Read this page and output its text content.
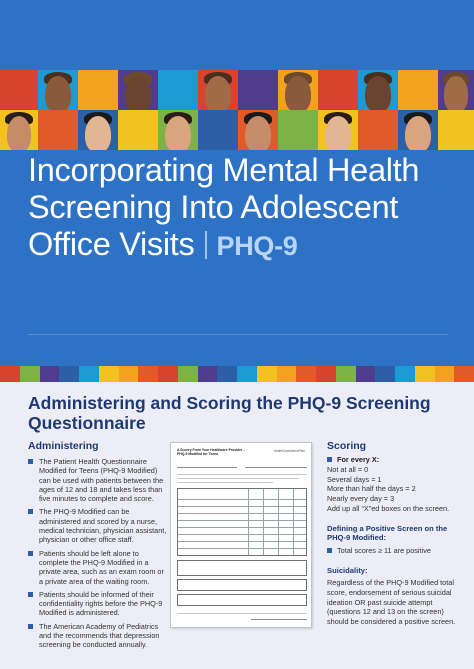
Incorporating Mental Health
Screening Into Adolescent
Office Visits PHQ-9
Administering and Scoring the PHQ-9 Screening Questionnaire
Administering
The Patient Health Questionnaire Modified for Teens (PHQ-9 Modified) can be used with patients between the ages of 12 and 18 and takes less than five minutes to complete and score.
The PHQ-9 Modified can be administered and scored by a nurse, medical technician, physician assistant, physician or other office staff.
Patients should be left alone to complete the PHQ-9 Modified in a private area, such as an exam room or a private area of the waiting room.
Patients should be informed of their confidentiality rights before the PHQ-9 Modified is administered.
The American Academy of Pediatrics and the recommends that depression screening be conducted annually.
A Survey From Your Healthcare Provider – PHQ-9 Modified for Teens
HealthCareActionPlan Scoring
For every X:
Not at all = 0
Several days = 1
More than half the days = 2
Nearly every day = 3
Add up all “X”ed boxes on the screen.
Defining a Positive Screen on the PHQ-9 Modified:
Total scores ≥ 11 are positive
Suicidality:
Regardless of the PHQ-9 Modified total score, endorsement of serious suicidal ideation OR past suicide attempt (questions 12 and 13 on the screen) should be considered a positive screen.
